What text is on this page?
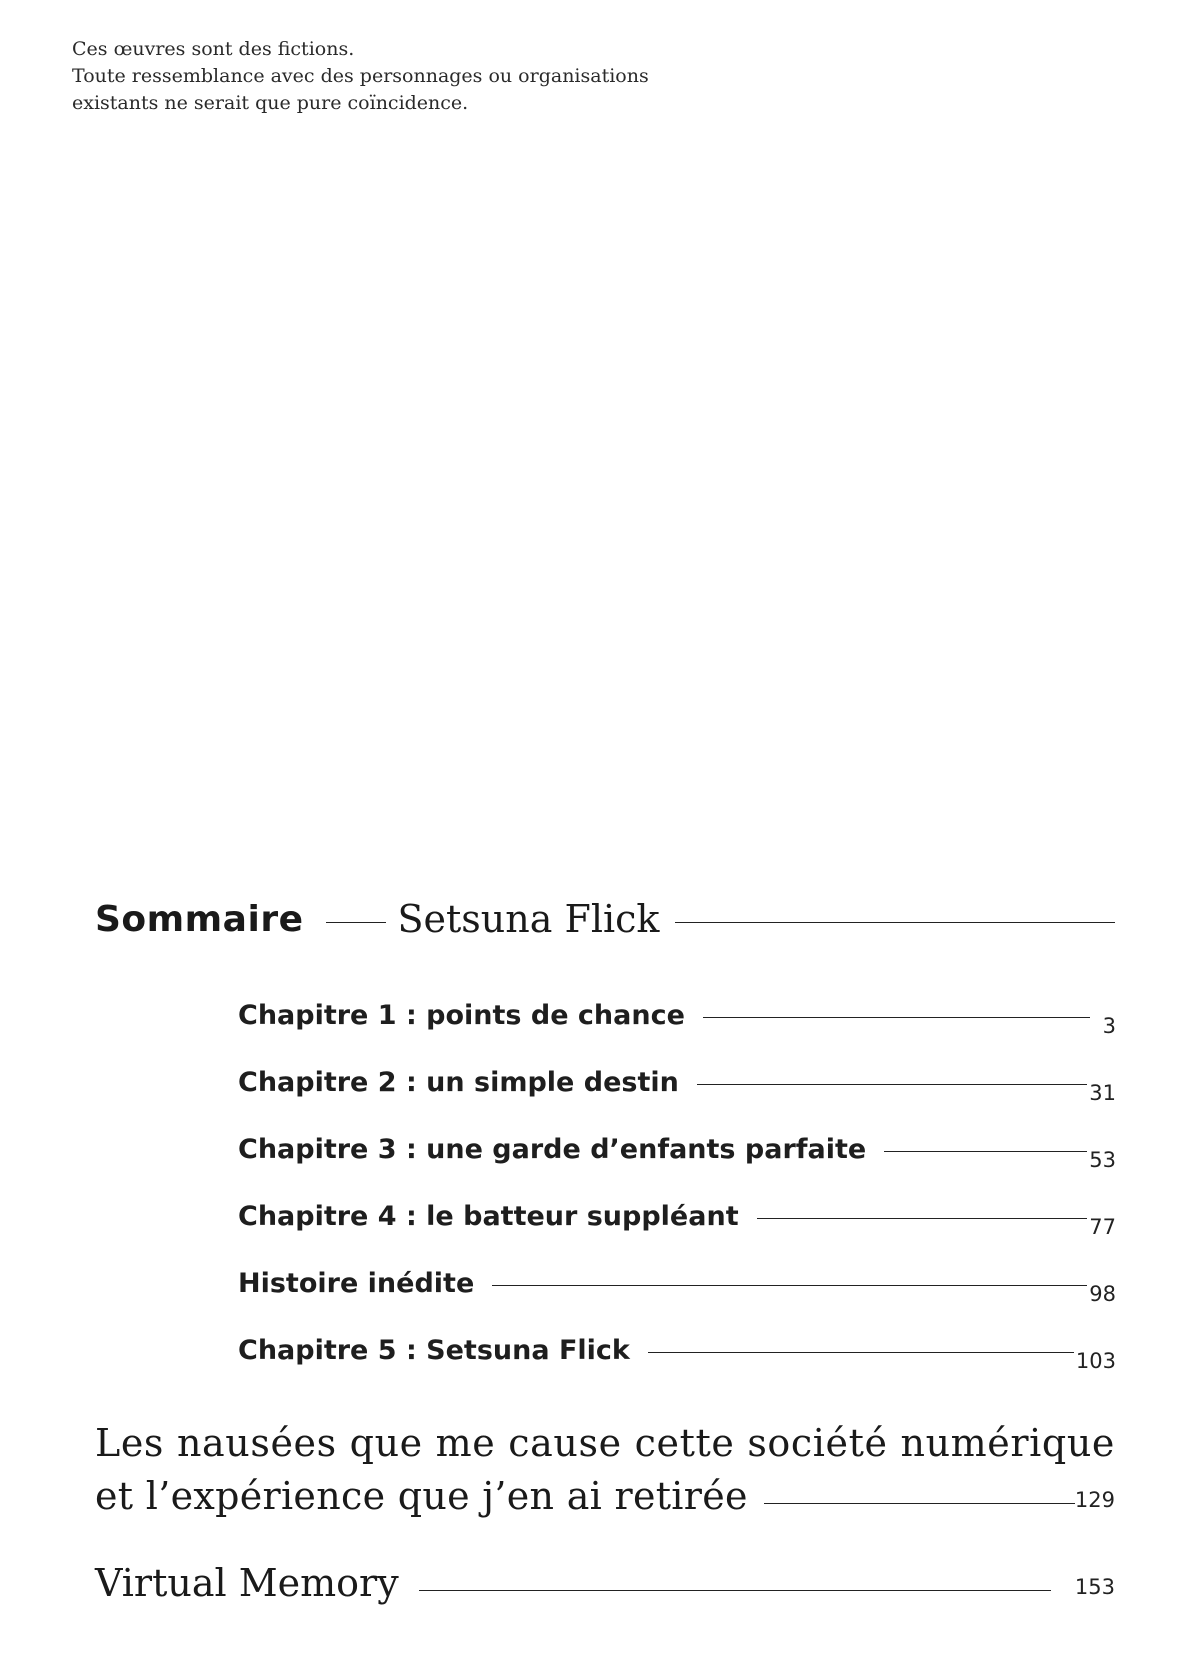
Ces œuvres sont des fictions.
Toute ressemblance avec des personnages ou organisations
existants ne serait que pure coïncidence.
Sommaire Setsuna Flick
Chapitre 1 : points de chance	3
Chapitre 2 : un simple destin	31
Chapitre 3 : une garde d’enfants parfaite	53
Chapitre 4 : le batteur suppléant	77
Histoire inédite	98
Chapitre 5 : Setsuna Flick	103
Les nausées que me cause cette société numérique
et l’expérience que j’en ai retirée	129
Virtual Memory	153
